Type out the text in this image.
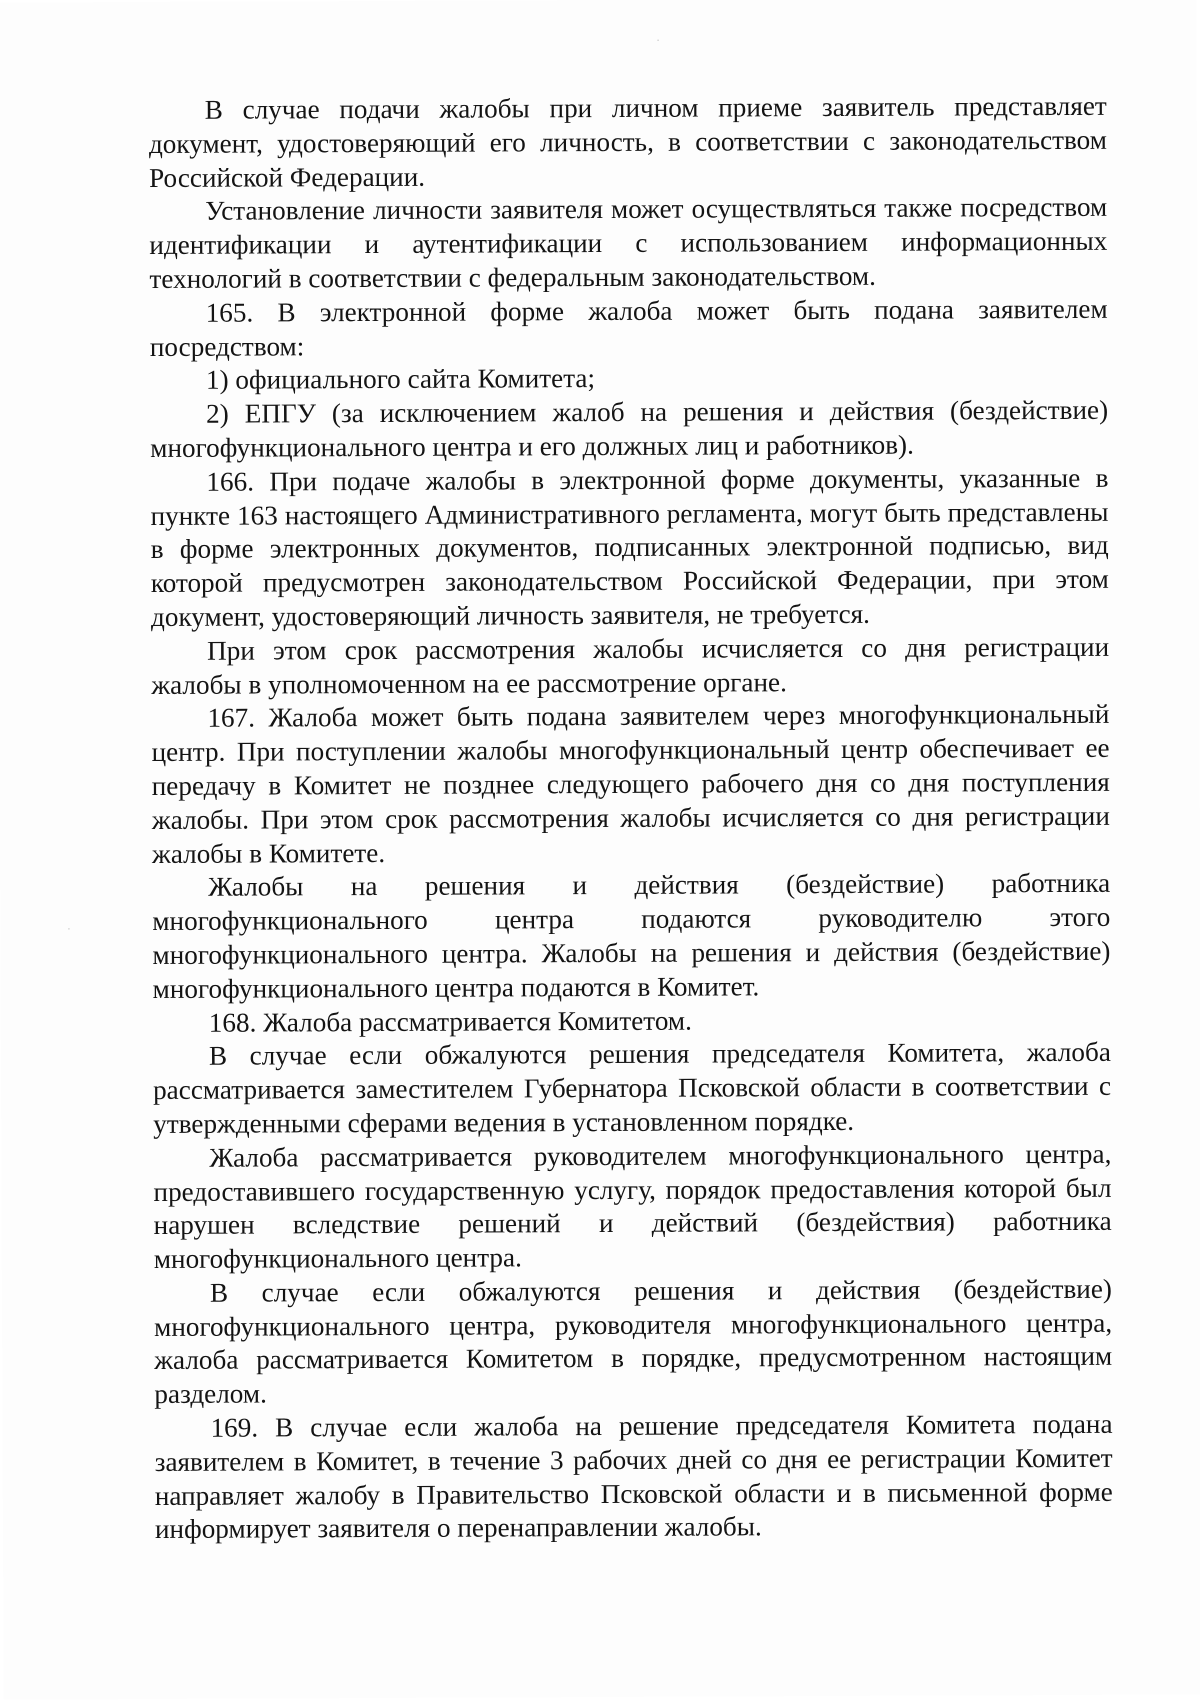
·
·

В случае подачи жалобы при личном приеме заявитель представляет документ, удостоверяющий его личность, в соответствии с законодательством Российской Федерации.

Установление личности заявителя может осуществляться также посредством идентификации и аутентификации с использованием информационных технологий в соответствии с федеральным законодательством.

165. В электронной форме жалоба может быть подана заявителем посредством:

1) официального сайта Комитета;

2) ЕПГУ (за исключением жалоб на решения и действия (бездействие) многофункционального центра и его должных лиц и работников).

166. При подаче жалобы в электронной форме документы, указанные в пункте 163 настоящего Административного регламента, могут быть представлены в форме электронных документов, подписанных электронной подписью, вид которой предусмотрен законодательством Российской Федерации, при этом документ, удостоверяющий личность заявителя, не требуется.

При этом срок рассмотрения жалобы исчисляется со дня регистрации жалобы в уполномоченном на ее рассмотрение органе.

167. Жалоба может быть подана заявителем через многофункциональный центр. При поступлении жалобы многофункциональный центр обеспечивает ее передачу в Комитет не позднее следующего рабочего дня со дня поступления жалобы. При этом срок рассмотрения жалобы исчисляется со дня регистрации жалобы в Комитете.

Жалобы на решения и действия (бездействие) работника многофункционального центра подаются руководителю этого многофункционального центра. Жалобы на решения и действия (бездействие) многофункционального центра подаются в Комитет.

168. Жалоба рассматривается Комитетом.

В случае если обжалуются решения председателя Комитета, жалоба рассматривается заместителем Губернатора Псковской области в соответствии с утвержденными сферами ведения в установленном порядке.

Жалоба рассматривается руководителем многофункционального центра, предоставившего государственную услугу, порядок предоставления которой был нарушен вследствие решений и действий (бездействия) работника многофункционального центра.

В случае если обжалуются решения и действия (бездействие) многофункционального центра, руководителя многофункционального центра, жалоба рассматривается Комитетом в порядке, предусмотренном настоящим разделом.

169. В случае если жалоба на решение председателя Комитета подана заявителем в Комитет, в течение 3 рабочих дней со дня ее регистрации Комитет направляет жалобу в Правительство Псковской области и в письменной форме информирует заявителя о перенаправлении жалобы.
